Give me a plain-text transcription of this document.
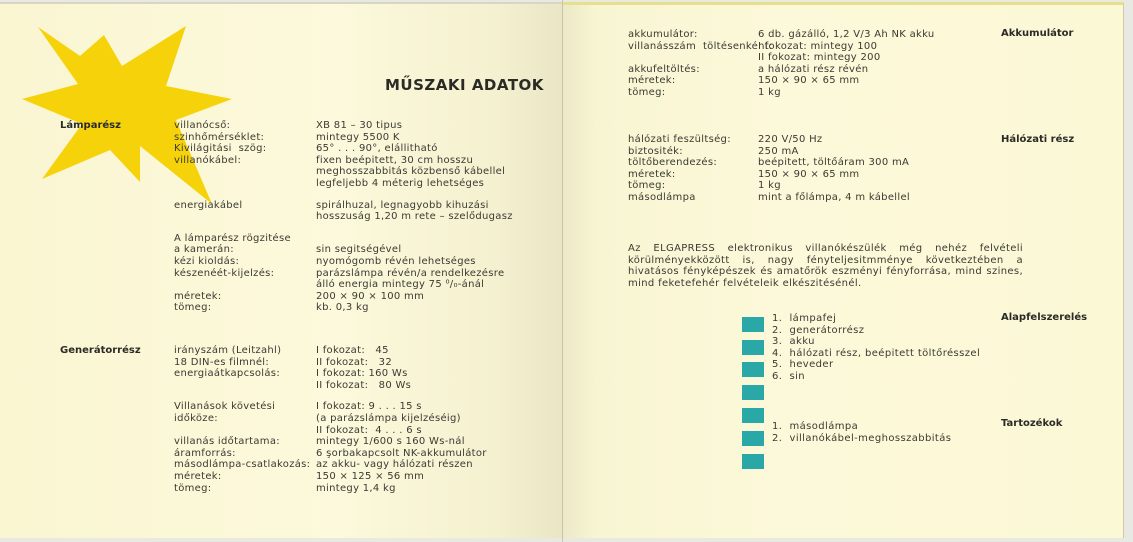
MŰSZAKI ADATOK
Lámparész	villanócső:	XB 81 – 30 tipus
szinhőmérséklet:	mintegy 5500 K
Kivilágitási  szög:	65° . . . 90°, eláll​itható
villanókábel:	fixen beépitett, 30 cm hosszu
meghosszabbitás közbenső kábellel
legfeljebb 4 méterig lehetséges
energiakábel	spirálhuzal, legnagyobb kihuzási
hosszuság 1,20 m rete – szelődugasz
A lámparész rögzitése
a kamerán:	sin segitségével
kézi kioldás:	nyomógomb révén lehetséges
készenéét-kijelzés:	parázslámpa révén/a rendelkezésre
álló energia mintegy 75 ⁰/₀-ánál
méretek:	200 × 90 × 100 mm
tömeg:	kb. 0,3 kg
Generátorrész	irányszám (Leitzahl)	I fokozat:   45
18 DIN-es filmnél:	II fokozat:   32
energiaátkapcsolás:	I fokozat: 160 Ws
II fokozat:   80 Ws
Villanások követési	I fokozat: 9 . . . 15 s
időköze:	(a parázslámpa kijelzéséig)
II fokozat:  4 . . . 6 s
villanás időtartama:	mintegy 1/600 s 160 Ws-nál
áramforrás:	6 şorbakapcsolt NK-akkumulátor
másodlámpa-csatlakozás: az akku- vagy hálózati részen
méretek:	150 × 125 × 56 mm
tömeg:	mintegy 1,4 kg
Akkumulátor
akkumulátor:	6 db. gázálló, 1,2 V/3 Ah NK akku
villanásszám  töltésenként:
I fokozat: mintegy 100
II fokozat: mintegy 200
akkufeltöltés:	a hálózati rész révén
méretek:	150 × 90 × 65 mm
tömeg:	1 kg
Hálózati rész
hálózati feszültség:	220 V/50 Hz
biztositék:	250 mA
töltőberendezés:	beépitett, töltőáram 300 mA
méretek:	150 × 90 × 65 mm
tömeg:	1 kg
másodlámpa	mint a főlámpa, 4 m kábellel
Az ELGAPRESS elektronikus villanókészülék még nehéz felvételi körülményekközött is, nagy fényteljesitmménye következtében a hivatásos fényképészek és amatőrök eszményi fényforrása, mind szines, mind feketefehér felvételeik elkészitésénél.
Alapfelszerelés
1.  lámpafej
2.  generátorrész
3.  akku
4.  hálózati rész, beépitett töltőrésszel
5.  heveder
6.  sin
Tartozékok
1.  másodlámpa
2.  villanókábel-meghosszabbitás
